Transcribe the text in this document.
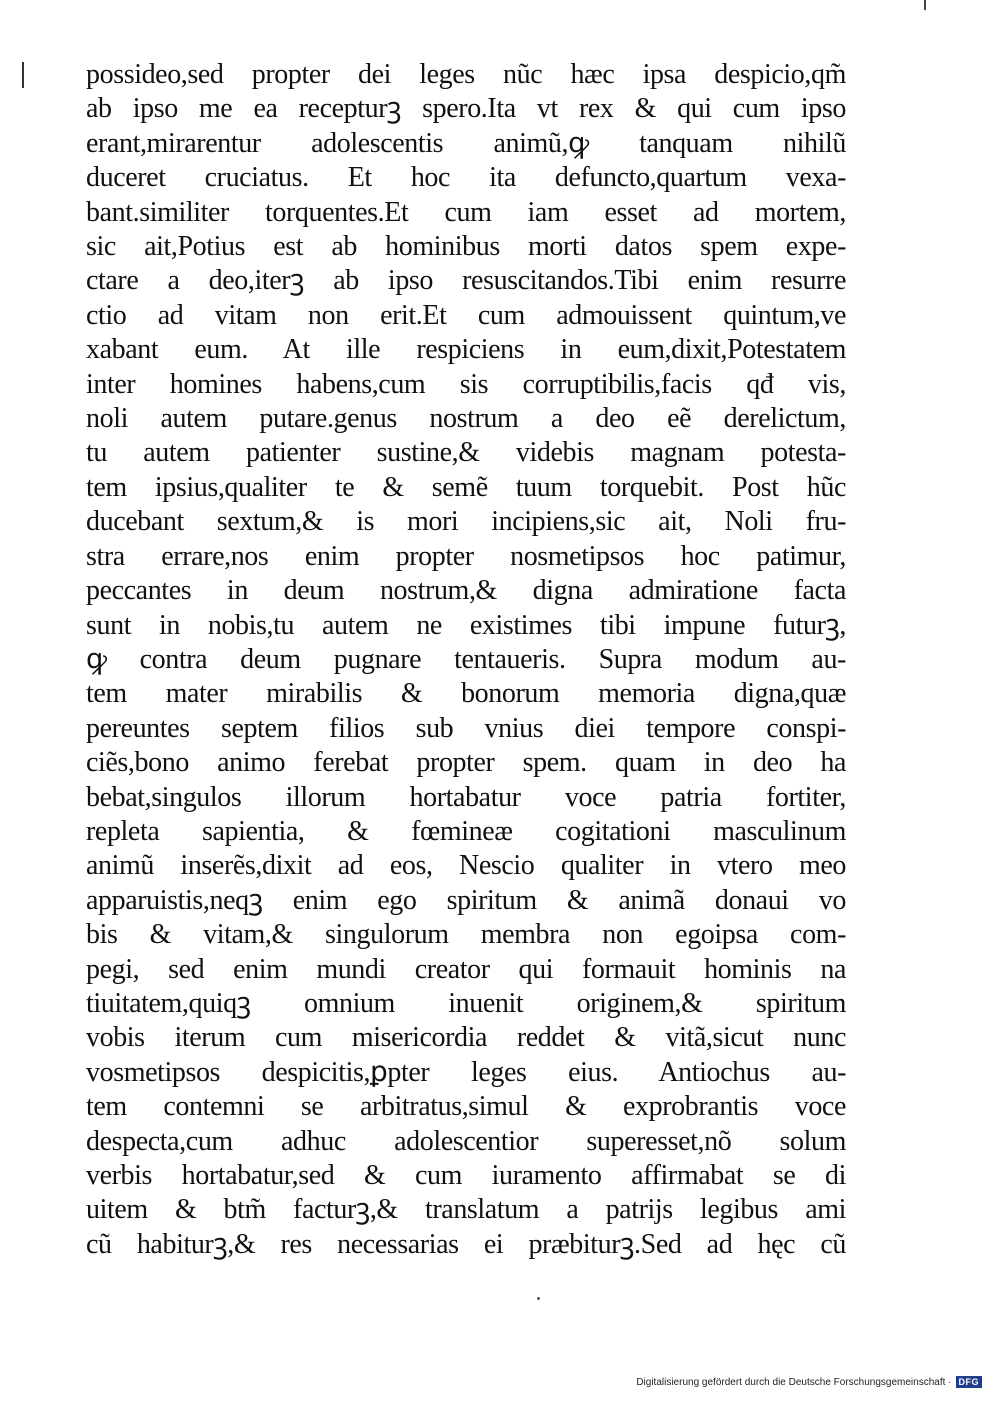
possideo,sed propter dei leges nũc hæc ipsa despicio,qm̃
ab ipso me ea recepturꝫ spero.Ita vt rex & qui cum ipso
erant,mirarentur adolescentis animũ,ꝙ tanquam nihilũ
duceret cruciatus. Et hoc ita defuncto,quartum vexa-
bant.similiter torquentes.Et cum iam esset ad mortem,
sic ait,Potius est ab hominibus morti datos spem expe-
ctare a deo,iterꝫ ab ipso resuscitandos.Tibi enim resurre
ctio ad vitam non erit.Et cum admouissent quintum,ve
xabant eum. At ille respiciens in eum,dixit,Potestatem
inter homines habens,cum sis corruptibilis,facis qđ vis,
noli autem putare.genus nostrum a deo eẽ derelictum,
tu autem patienter sustine,& videbis magnam potesta-
tem ipsius,qualiter te & semẽ tuum torquebit. Post hũc
ducebant sextum,& is mori incipiens,sic ait, Noli fru-
stra errare,nos enim propter nosmetipsos hoc patimur,
peccantes in deum nostrum,& digna admiratione facta
sunt in nobis,tu autem ne existimes tibi impune futurꝫ,
ꝙ contra deum pugnare tentaueris. Supra modum au-
tem mater mirabilis & bonorum memoria digna,quæ
pereuntes septem filios sub vnius diei tempore conspi-
ciẽs,bono animo ferebat propter spem. quam in deo ha
bebat,singulos illorum hortabatur voce patria fortiter,
repleta sapientia, & fœmineæ cogitationi masculinum
animũ inserẽs,dixit ad eos, Nescio qualiter in vtero meo
apparuistis,neqꝫ enim ego spiritum & animã donaui vo
bis & vitam,& singulorum membra non egoipsa com-
pegi, sed enim mundi creator qui formauit hominis na
tiuitatem,quiqꝫ omnium inuenit originem,& spiritum
vobis iterum cum misericordia reddet & vitã,sicut nunc
vosmetipsos despicitis,ꝑpter leges eius. Antiochus au-
tem contemni se arbitratus,simul & exprobrantis voce
despecta,cum adhuc adolescentior superesset,nõ solum
verbis hortabatur,sed & cum iuramento affirmabat se di
uitem & btm̃ facturꝫ,& translatum a patrijs legibus ami
cũ habiturꝫ,& res necessarias ei præbiturꝫ.Sed ad hęc cũ
Digitalisierung gefördert durch die Deutsche Forschungsgemeinschaft · DFG
